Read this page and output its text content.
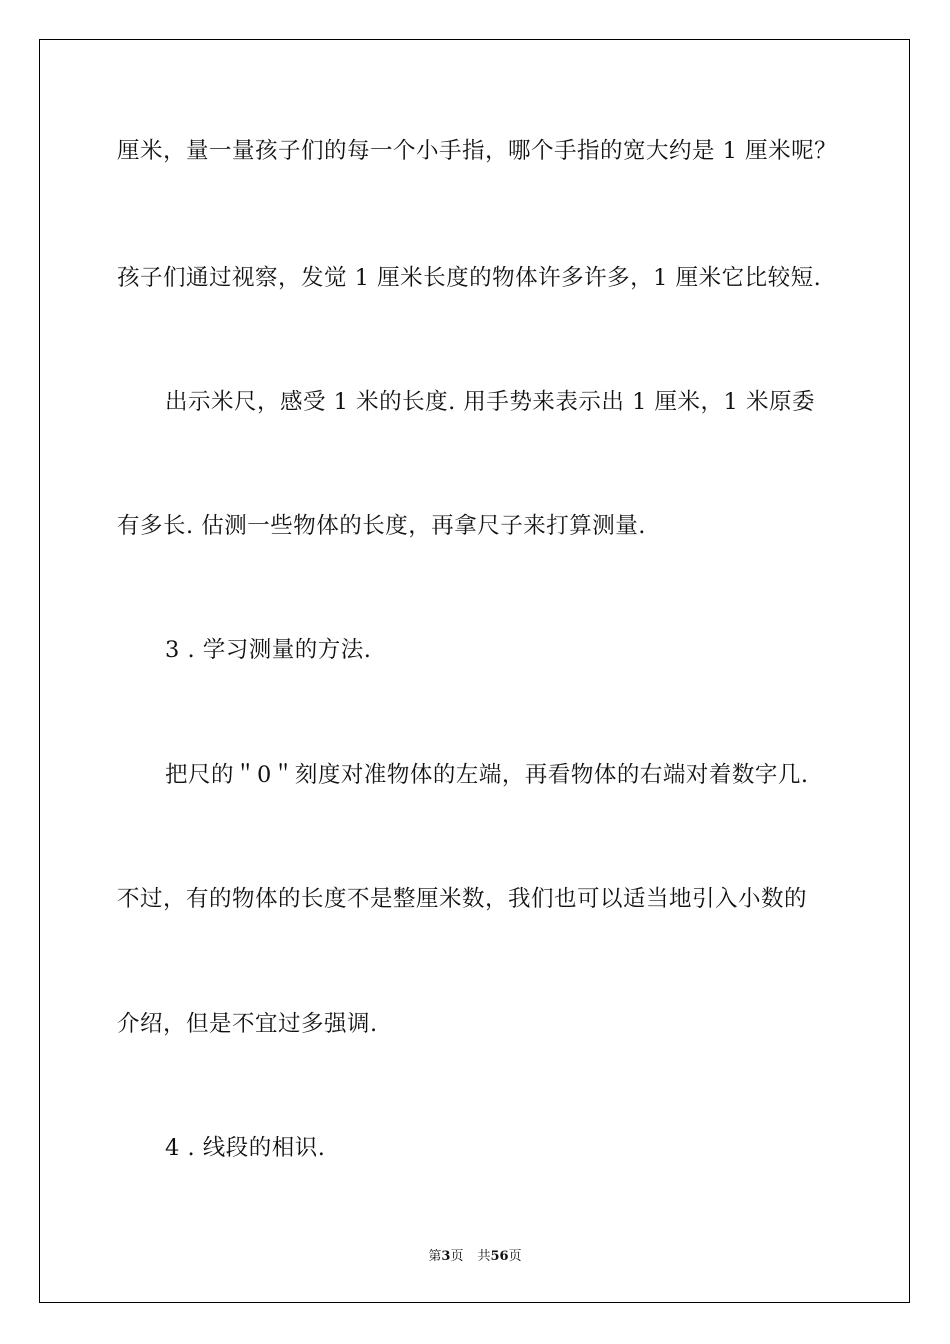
厘米，量一量孩子们的每一个小手指，哪个手指的宽大约是 1 厘米呢？
孩子们通过视察，发觉 1 厘米长度的物体许多许多，1 厘米它比较短.
出示米尺，感受 1 米的长度. 用手势来表示出 1 厘米，1 米原委
有多长. 估测一些物体的长度，再拿尺子来打算测量.
3 . 学习测量的方法.
把尺的＂0＂刻度对准物体的左端，再看物体的右端对着数字几.
不过，有的物体的长度不是整厘米数，我们也可以适当地引入小数的
介绍，但是不宜过多强调.
4 . 线段的相识.
第3页 共56页
